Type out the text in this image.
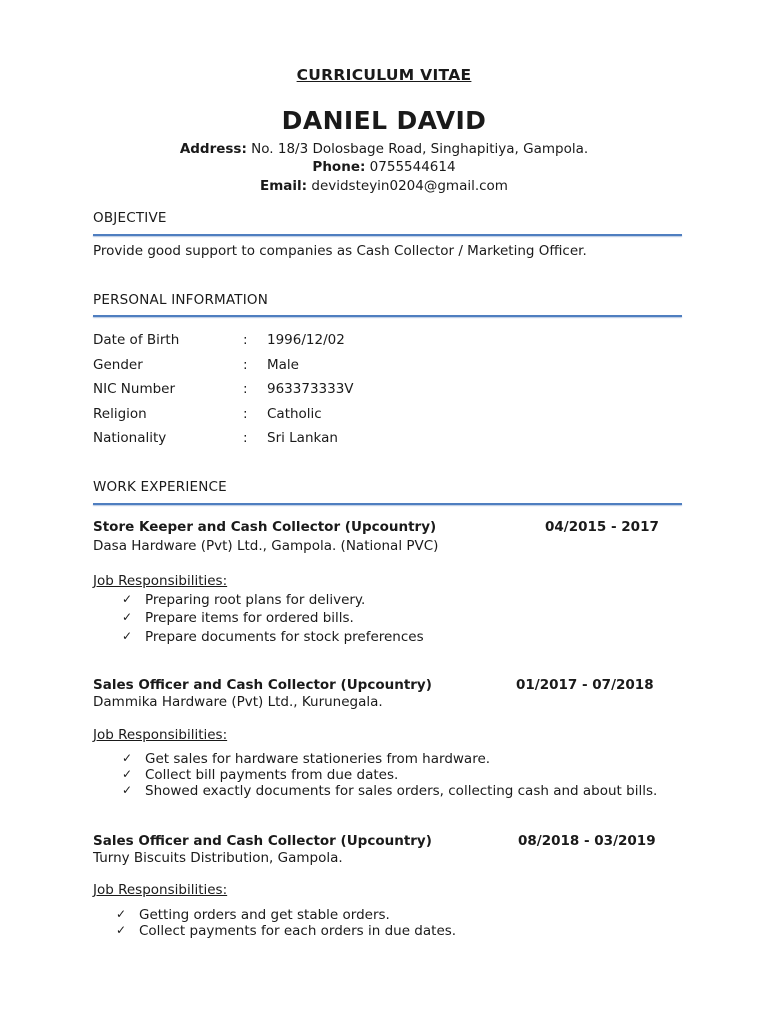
CURRICULUM VITAE
DANIEL DAVID
Address: No. 18/3 Dolosbage Road, Singhapitiya, Gampola.
Phone: 0755544614
Email: devidsteyin0204@gmail.com
OBJECTIVE
Provide good support to companies as Cash Collector / Marketing Officer.
PERSONAL INFORMATION
Date of Birth	: 1996/12/02
Gender	: Male
NIC Number	: 963373333V
Religion	: Catholic
Nationality	: Sri Lankan
WORK EXPERIENCE
Store Keeper and Cash Collector (Upcountry)	04/2015 - 2017
Dasa Hardware (Pvt) Ltd., Gampola. (National PVC)
Job Responsibilities:
✓ Preparing root plans for delivery.
✓ Prepare items for ordered bills.
✓ Prepare documents for stock preferences
Sales Officer and Cash Collector (Upcountry)	01/2017 - 07/2018
Dammika Hardware (Pvt) Ltd., Kurunegala.
Job Responsibilities:
✓ Get sales for hardware stationeries from hardware.
✓ Collect bill payments from due dates.
✓ Showed exactly documents for sales orders, collecting cash and about bills.
Sales Officer and Cash Collector (Upcountry)	08/2018 - 03/2019
Turny Biscuits Distribution, Gampola.
Job Responsibilities:
✓ Getting orders and get stable orders.
✓ Collect payments for each orders in due dates.
